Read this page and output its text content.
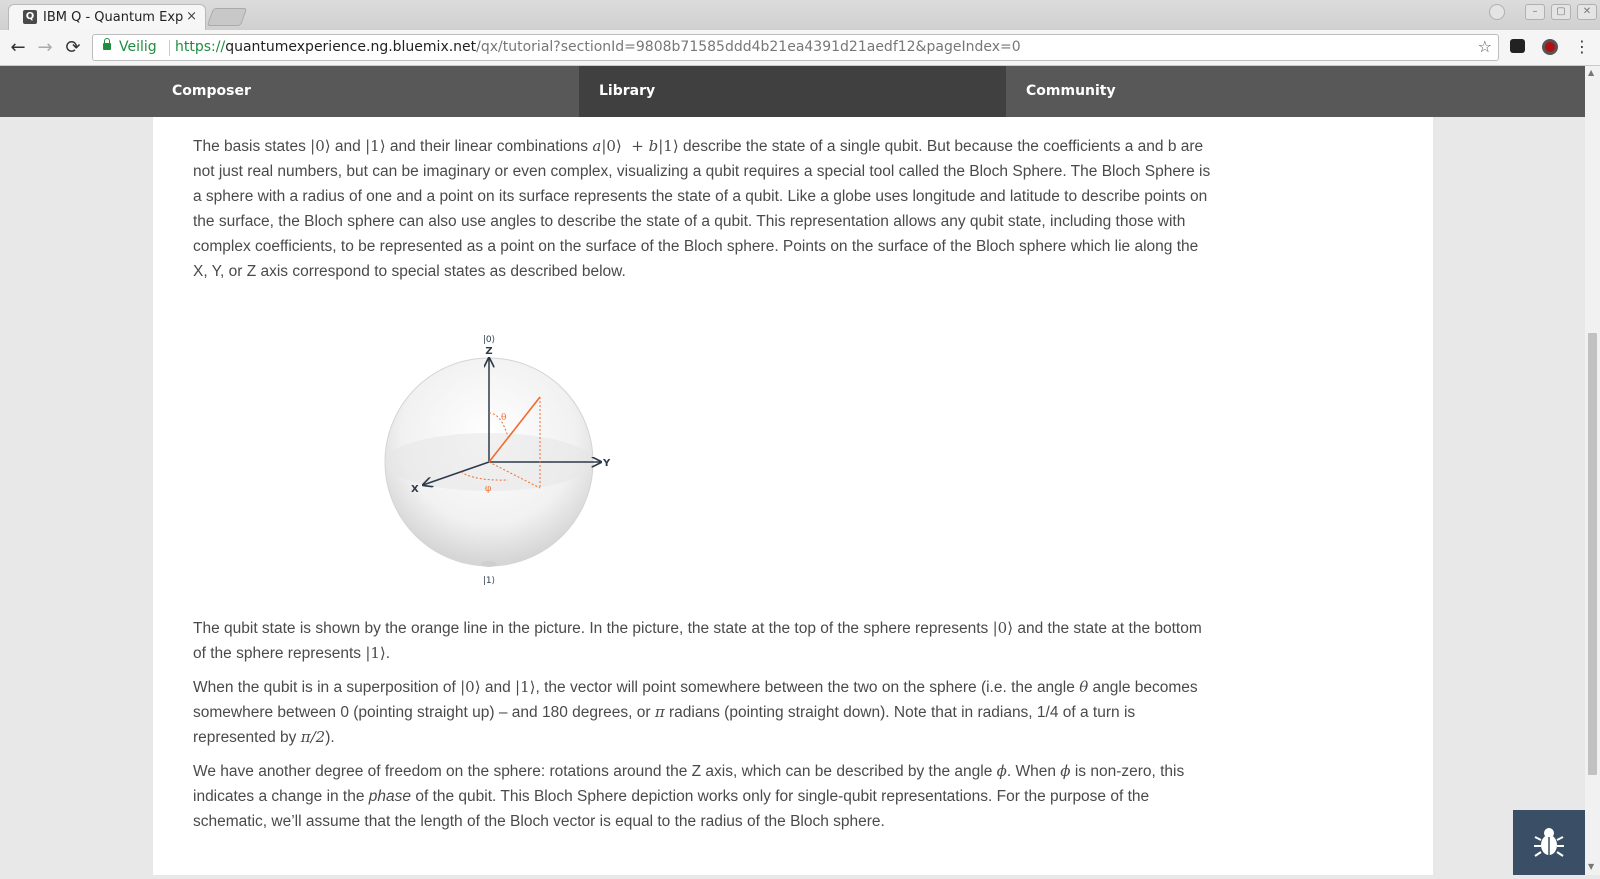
Q IBM Q - Quantum Exp ×	–	▢	✕
← → ⟳	Veilig https://quantumexperience.ng.bluemix.net/qx/tutorial?sectionId=9808b71585ddd4b21ea4391d21aedf12&pageIndex=0	☆	⋮
Composer	Library	Community
▲
▼

The basis states |0⟩ and |1⟩ and their linear combinations a|0⟩  + b|1⟩ describe the state of a single qubit. But because the coefficients a and b are not just real numbers, but can be imaginary or even complex, visualizing a qubit requires a special tool called the Bloch Sphere. The Bloch Sphere is a sphere with a radius of one and a point on its surface represents the state of a qubit. Like a globe uses longitude and latitude to describe points on the surface, the Bloch sphere can also use angles to describe the state of a qubit. This representation allows any qubit state, including those with complex coefficients, to be represented as a point on the surface of the Bloch sphere. Points on the surface of the Bloch sphere which lie along the X, Y, or Z axis correspond to special states as described below.

|0⟩
Z
Y
X
θ
φ
|1⟩

The qubit state is shown by the orange line in the picture. In the picture, the state at the top of the sphere represents |0⟩ and the state at the bottom of the sphere represents |1⟩.

When the qubit is in a superposition of |0⟩ and |1⟩, the vector will point somewhere between the two on the sphere (i.e. the angle θ angle becomes somewhere between 0 (pointing straight up) – and 180 degrees, or π radians (pointing straight down). Note that in radians, 1/4 of a turn is represented by π/2).

We have another degree of freedom on the sphere: rotations around the Z axis, which can be described by the angle ϕ. When ϕ is non-zero, this indicates a change in the phase of the qubit. This Bloch Sphere depiction works only for single-qubit representations. For the purpose of the schematic, we’ll assume that the length of the Bloch vector is equal to the radius of the Bloch sphere.
